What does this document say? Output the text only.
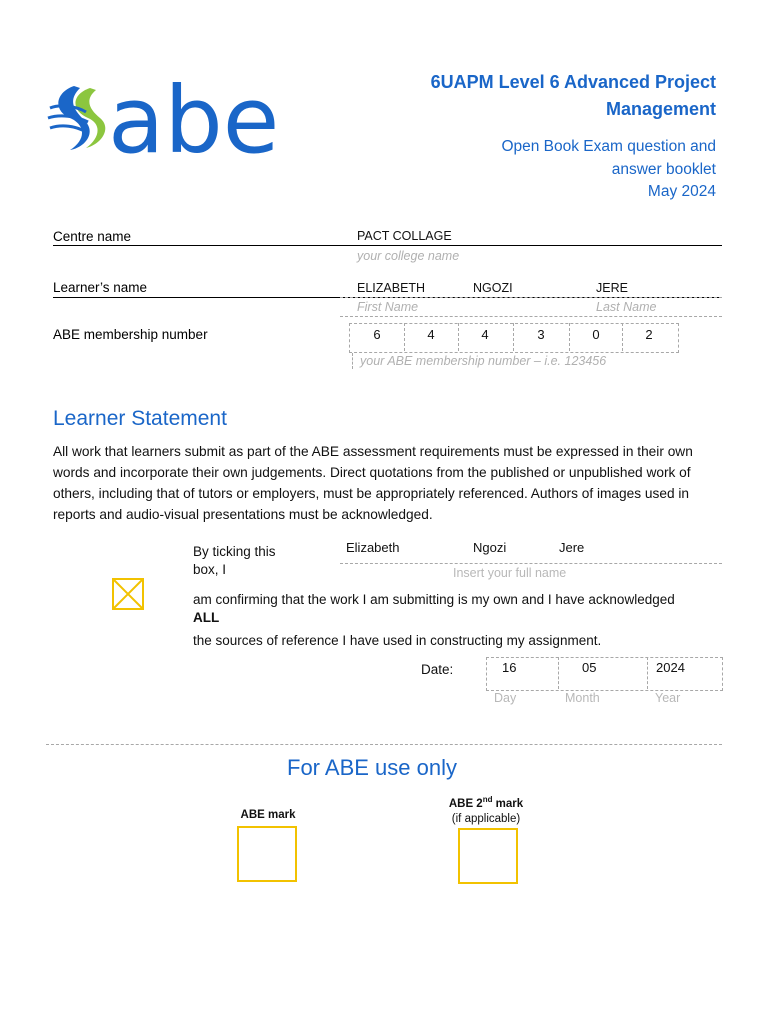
abe	6UAPM Level 6 Advanced Project
Management
Open Book Exam question and
answer booklet
May 2024
Centre name	PACT COLLAGE
your college name
Learner’s name	ELIZABETH	NGOZI	JERE
First Name	Last Name
ABE membership number	6	4	4	3	0	2
your ABE membership number – i.e. 123456
Learner Statement
All work that learners submit as part of the ABE assessment requirements must be expressed in their own words and incorporate their own judgements. Direct quotations from the published or unpublished work of others, including that of tutors or employers, must be appropriately referenced. Authors of images used in reports and audio-visual presentations must be acknowledged.
By ticking this
box, I
Elizabeth	Ngozi	Jere
Insert your full name
am confirming that the work I am submitting is my own and I have acknowledged
ALL
the sources of reference I have used in constructing my assignment.
Date:	16	05	2024
Day	Month	Year
For ABE use only
ABE mark
ABE 2nd mark
(if applicable)
